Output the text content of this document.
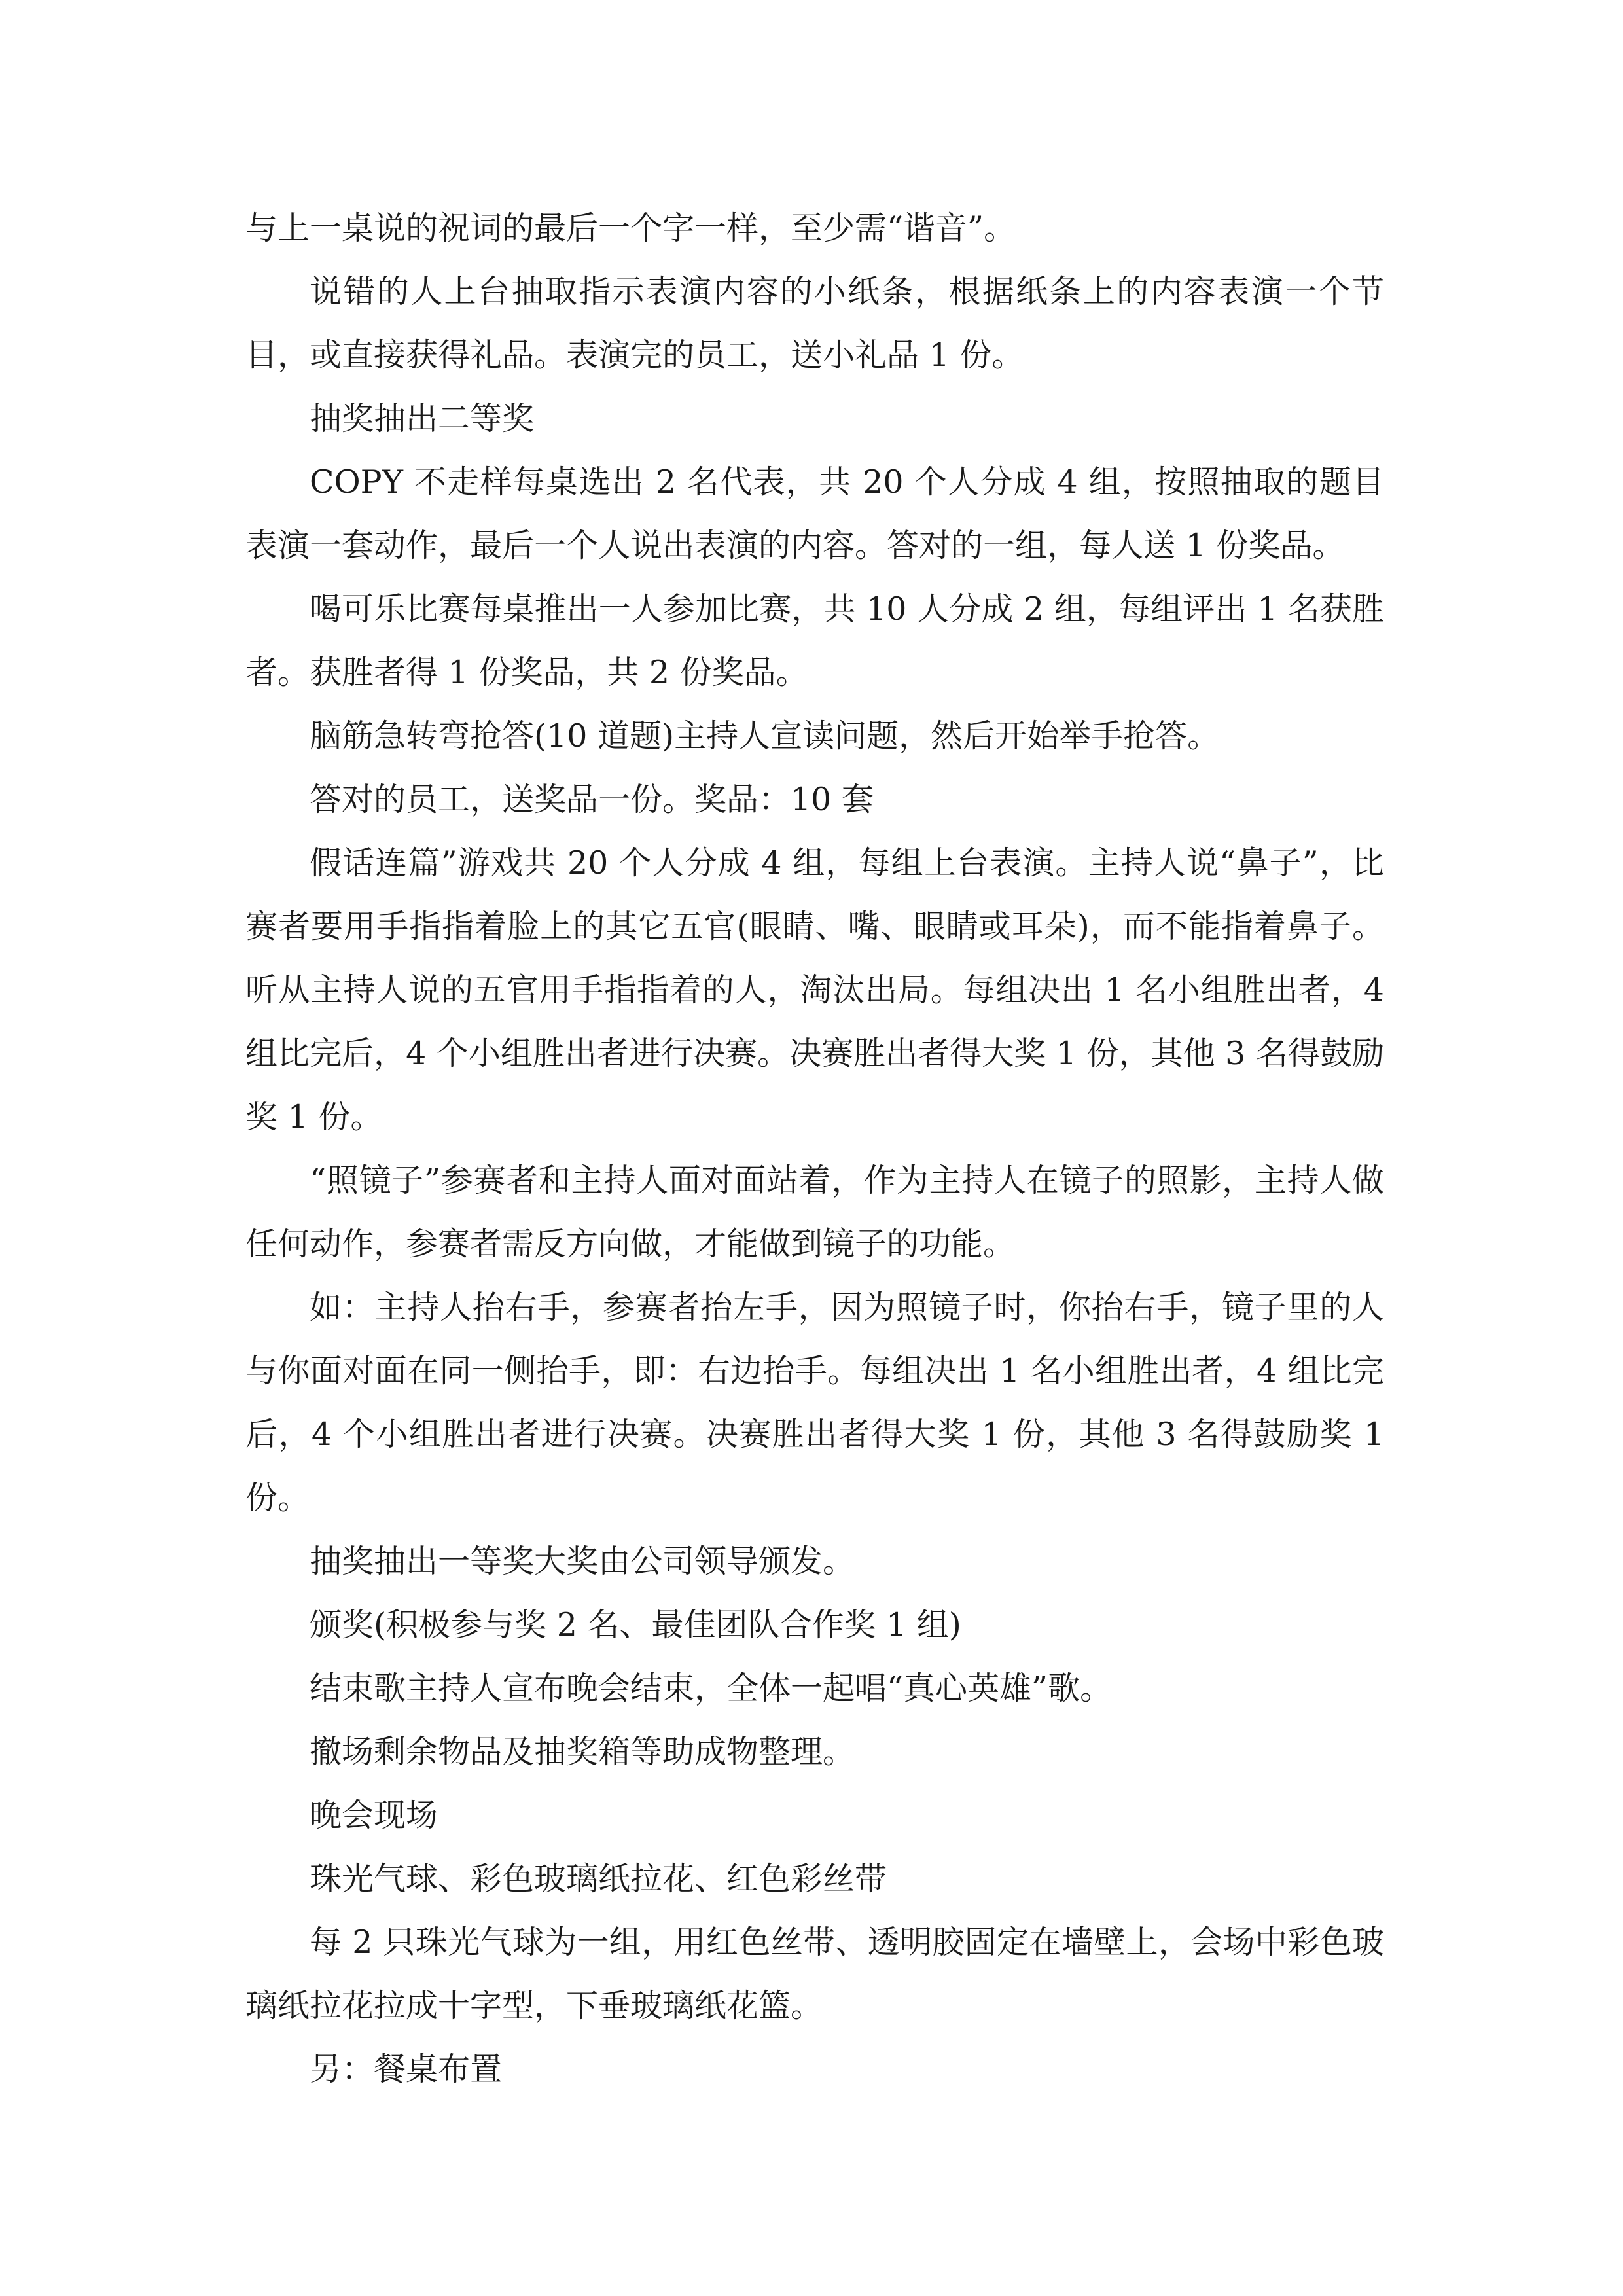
与上一桌说的祝词的最后一个字一样，至少需“谐音”。

说错的人上台抽取指示表演内容的小纸条，根据纸条上的内容表演一个节目，或直接获得礼品。表演完的员工，送小礼品 1 份。

抽奖抽出二等奖

COPY 不走样每桌选出 2 名代表，共 20 个人分成 4 组，按照抽取的题目表演一套动作，最后一个人说出表演的内容。答对的一组，每人送 1 份奖品。

喝可乐比赛每桌推出一人参加比赛，共 10 人分成 2 组，每组评出 1 名获胜者。获胜者得 1 份奖品，共 2 份奖品。

脑筋急转弯抢答(10 道题)主持人宣读问题，然后开始举手抢答。

答对的员工，送奖品一份。奖品：10 套

假话连篇”游戏共 20 个人分成 4 组，每组上台表演。主持人说“鼻子”，比赛者要用手指指着脸上的其它五官(眼睛、嘴、眼睛或耳朵)，而不能指着鼻子。听从主持人说的五官用手指指着的人，淘汰出局。每组决出 1 名小组胜出者，4 组比完后，4 个小组胜出者进行决赛。决赛胜出者得大奖 1 份，其他 3 名得鼓励奖 1 份。

“照镜子”参赛者和主持人面对面站着，作为主持人在镜子的照影，主持人做任何动作，参赛者需反方向做，才能做到镜子的功能。

如：主持人抬右手，参赛者抬左手，因为照镜子时，你抬右手，镜子里的人与你面对面在同一侧抬手，即：右边抬手。每组决出 1 名小组胜出者，4 组比完后，4 个小组胜出者进行决赛。决赛胜出者得大奖 1 份，其他 3 名得鼓励奖 1 份。

抽奖抽出一等奖大奖由公司领导颁发。

颁奖(积极参与奖 2 名、最佳团队合作奖 1 组)

结束歌主持人宣布晚会结束，全体一起唱“真心英雄”歌。

撤场剩余物品及抽奖箱等助成物整理。

晚会现场

珠光气球、彩色玻璃纸拉花、红色彩丝带

每 2 只珠光气球为一组，用红色丝带、透明胶固定在墙壁上，会场中彩色玻璃纸拉花拉成十字型，下垂玻璃纸花篮。

另：餐桌布置
